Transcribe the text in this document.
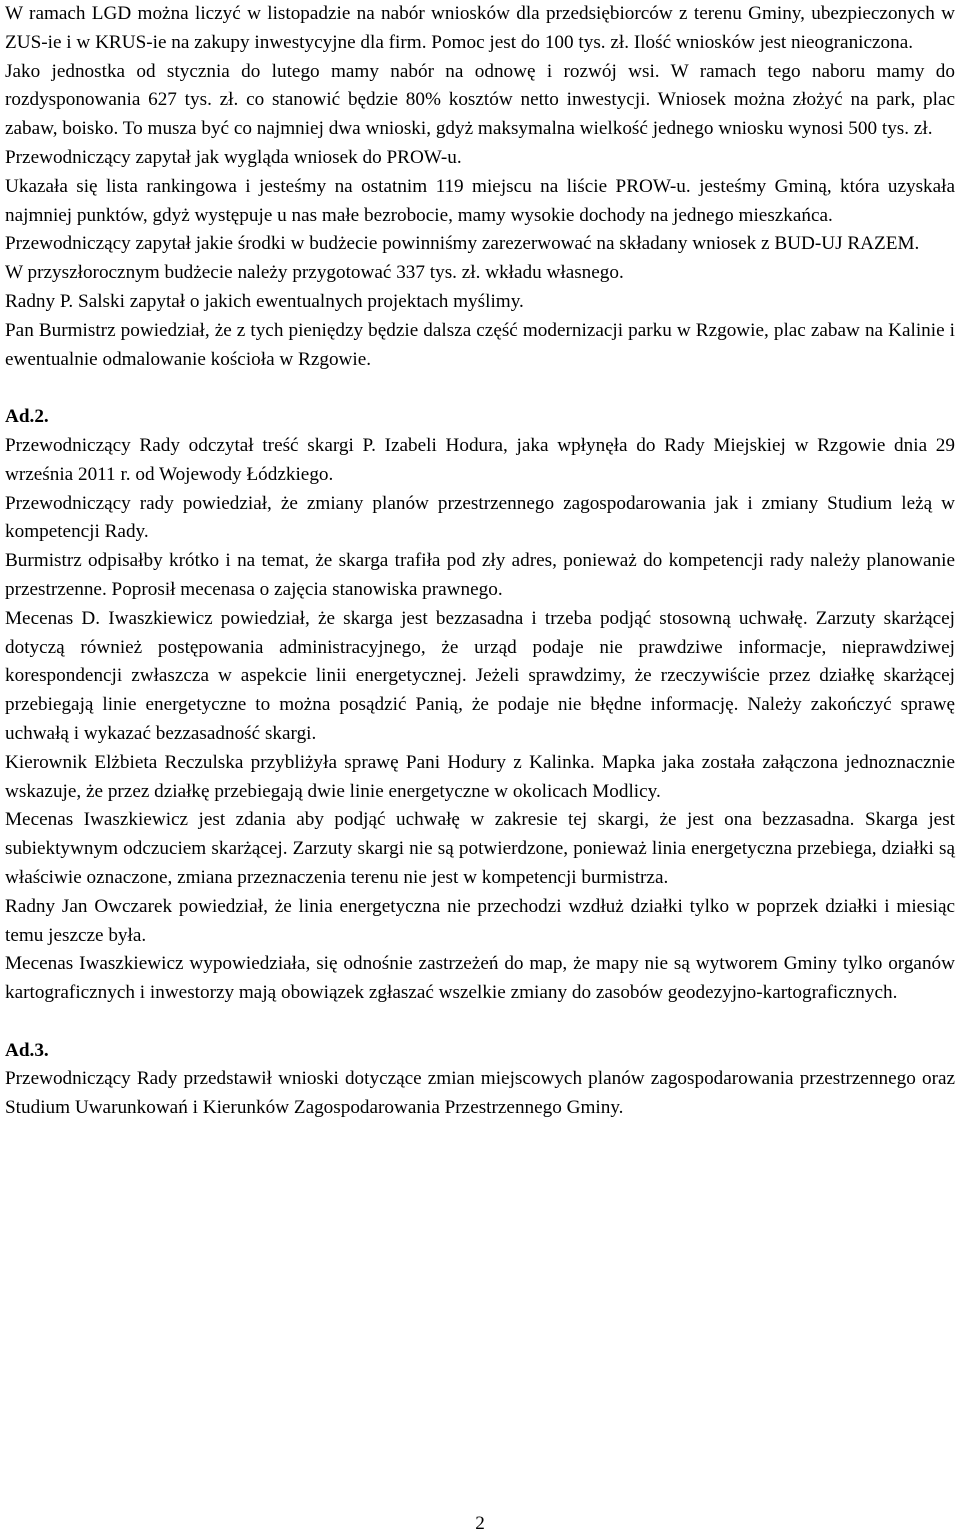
W ramach LGD można liczyć w listopadzie na nabór wniosków dla przedsiębiorców z terenu Gminy, ubezpieczonych w ZUS-ie i w KRUS-ie na zakupy inwestycyjne dla firm. Pomoc jest do 100 tys. zł. Ilość wniosków jest nieograniczona.

Jako jednostka od stycznia do lutego mamy nabór na odnowę i rozwój wsi. W ramach tego naboru mamy do rozdysponowania 627 tys. zł. co stanowić będzie 80% kosztów netto inwestycji. Wniosek można złożyć na park, plac zabaw, boisko. To musza być co najmniej dwa wnioski, gdyż maksymalna wielkość jednego wniosku wynosi 500 tys. zł.

Przewodniczący zapytał jak wygląda wniosek do PROW-u.

Ukazała się lista rankingowa i jesteśmy na ostatnim 119 miejscu na liście PROW-u. jesteśmy Gminą, która uzyskała najmniej punktów, gdyż występuje u nas małe bezrobocie, mamy wysokie dochody na jednego mieszkańca.

Przewodniczący zapytał jakie środki w budżecie powinniśmy zarezerwować na składany wniosek z BUD-UJ RAZEM.

W przyszłorocznym budżecie należy przygotować 337 tys. zł. wkładu własnego.

Radny P. Salski zapytał o jakich ewentualnych projektach myślimy.

Pan Burmistrz powiedział, że z tych pieniędzy będzie dalsza część modernizacji parku w Rzgowie, plac zabaw na Kalinie i ewentualnie odmalowanie kościoła w Rzgowie.

Ad.2.

Przewodniczący Rady odczytał treść skargi P. Izabeli Hodura, jaka wpłynęła do Rady Miejskiej w Rzgowie dnia 29 września 2011 r. od Wojewody Łódzkiego.

Przewodniczący rady powiedział, że zmiany planów przestrzennego zagospodarowania jak i zmiany Studium leżą w kompetencji Rady.

Burmistrz odpisałby krótko i na temat, że skarga trafiła pod zły adres, ponieważ do kompetencji rady należy planowanie przestrzenne. Poprosił mecenasa o zajęcia stanowiska prawnego.

Mecenas D. Iwaszkiewicz powiedział, że skarga jest bezzasadna i trzeba podjąć stosowną uchwałę. Zarzuty skarżącej dotyczą również postępowania administracyjnego, że urząd podaje nie prawdziwe informacje, nieprawdziwej korespondencji zwłaszcza w aspekcie linii energetycznej. Jeżeli sprawdzimy, że rzeczywiście przez działkę skarżącej przebiegają linie energetyczne to można posądzić Panią, że podaje nie błędne informację. Należy zakończyć sprawę uchwałą i wykazać bezzasadność skargi.

Kierownik Elżbieta Reczulska przybliżyła sprawę Pani Hodury z Kalinka. Mapka jaka została załączona jednoznacznie wskazuje, że przez działkę przebiegają dwie linie energetyczne w okolicach Modlicy.

Mecenas Iwaszkiewicz jest zdania aby podjąć uchwałę w zakresie tej skargi, że jest ona bezzasadna. Skarga jest subiektywnym odczuciem skarżącej. Zarzuty skargi nie są potwierdzone, ponieważ linia energetyczna przebiega, działki są właściwie oznaczone, zmiana przeznaczenia terenu nie jest w kompetencji burmistrza.

Radny Jan Owczarek powiedział, że linia energetyczna nie przechodzi wzdłuż działki tylko w poprzek działki i miesiąc temu jeszcze była.

Mecenas Iwaszkiewicz wypowiedziała, się odnośnie zastrzeżeń do map, że mapy nie są wytworem Gminy tylko organów kartograficznych i inwestorzy mają obowiązek zgłaszać wszelkie zmiany do zasobów geodezyjno-kartograficznych.

Ad.3.

Przewodniczący Rady przedstawił wnioski dotyczące zmian miejscowych planów zagospodarowania przestrzennego oraz Studium Uwarunkowań i Kierunków Zagospodarowania Przestrzennego Gminy.

2
